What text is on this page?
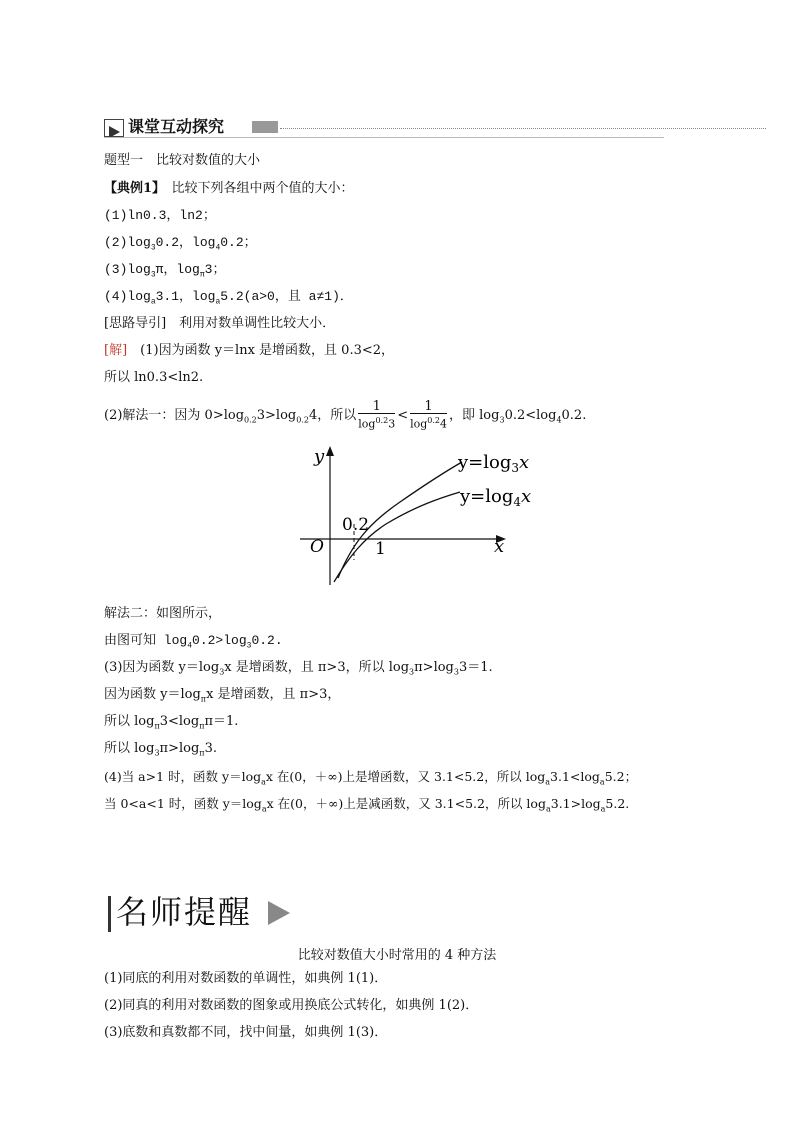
课堂互动探究
题型一　比较对数值的大小
【典例1】　比较下列各组中两个值的大小：
(1)ln0.3，ln2；
$(2)\log_30.2$，$\log_40.2$；
$(3)\log_3\pi$，$\log_\pi 3$；
$(4)\log_a3.1$，$\log_a5.2(a>0$，且 a≠1)．
[思路导引]　利用对数单调性比较大小．
[解]　(1)因为函数 y＝lnx 是增函数，且 0.3<2，
所以 ln0.3<ln2.
(2)解法一：因为 $0>\log_{0.2}3>\log_{0.2}4$，所以 $\frac{1}{\log^{0.2}3} < \frac{1}{\log^{0.2}4}$ ，即 $\log_30.2<\log_40.2$.
y
x
O	1
0.2
$y=\log_3x$
$y=\log_4x$
解法二：如图所示，
由图可知 $\log_40.2>\log_30.2$.
(3)因为函数 $y=\log_3x$ 是增函数，且 π>3，所以 $\log_3\pi>\log_33=1$.
因为函数 $y=\log_\pi x$ 是增函数，且 π>3，
所以 $\log_\pi 3<\log_\pi\pi=1$.
所以 $\log_3\pi>\log_\pi 3$.
(4)当 a>1 时，函数 $y=\log_ax$ 在(0，＋∞)上是增函数，又 3.1<5.2，所以 $\log_a3.1<\log_a5.2$；
当 0<a<1 时，函数 $y=\log_ax$ 在(0，＋∞)上是减函数，又 3.1<5.2，所以 $\log_a3.1>\log_a5.2$.
名师提醒
比较对数值大小时常用的 4 种方法
(1)同底的利用对数函数的单调性，如典例 1(1)．
(2)同真的利用对数函数的图象或用换底公式转化，如典例 1(2)．
(3)底数和真数都不同，找中间量，如典例 1(3)．
